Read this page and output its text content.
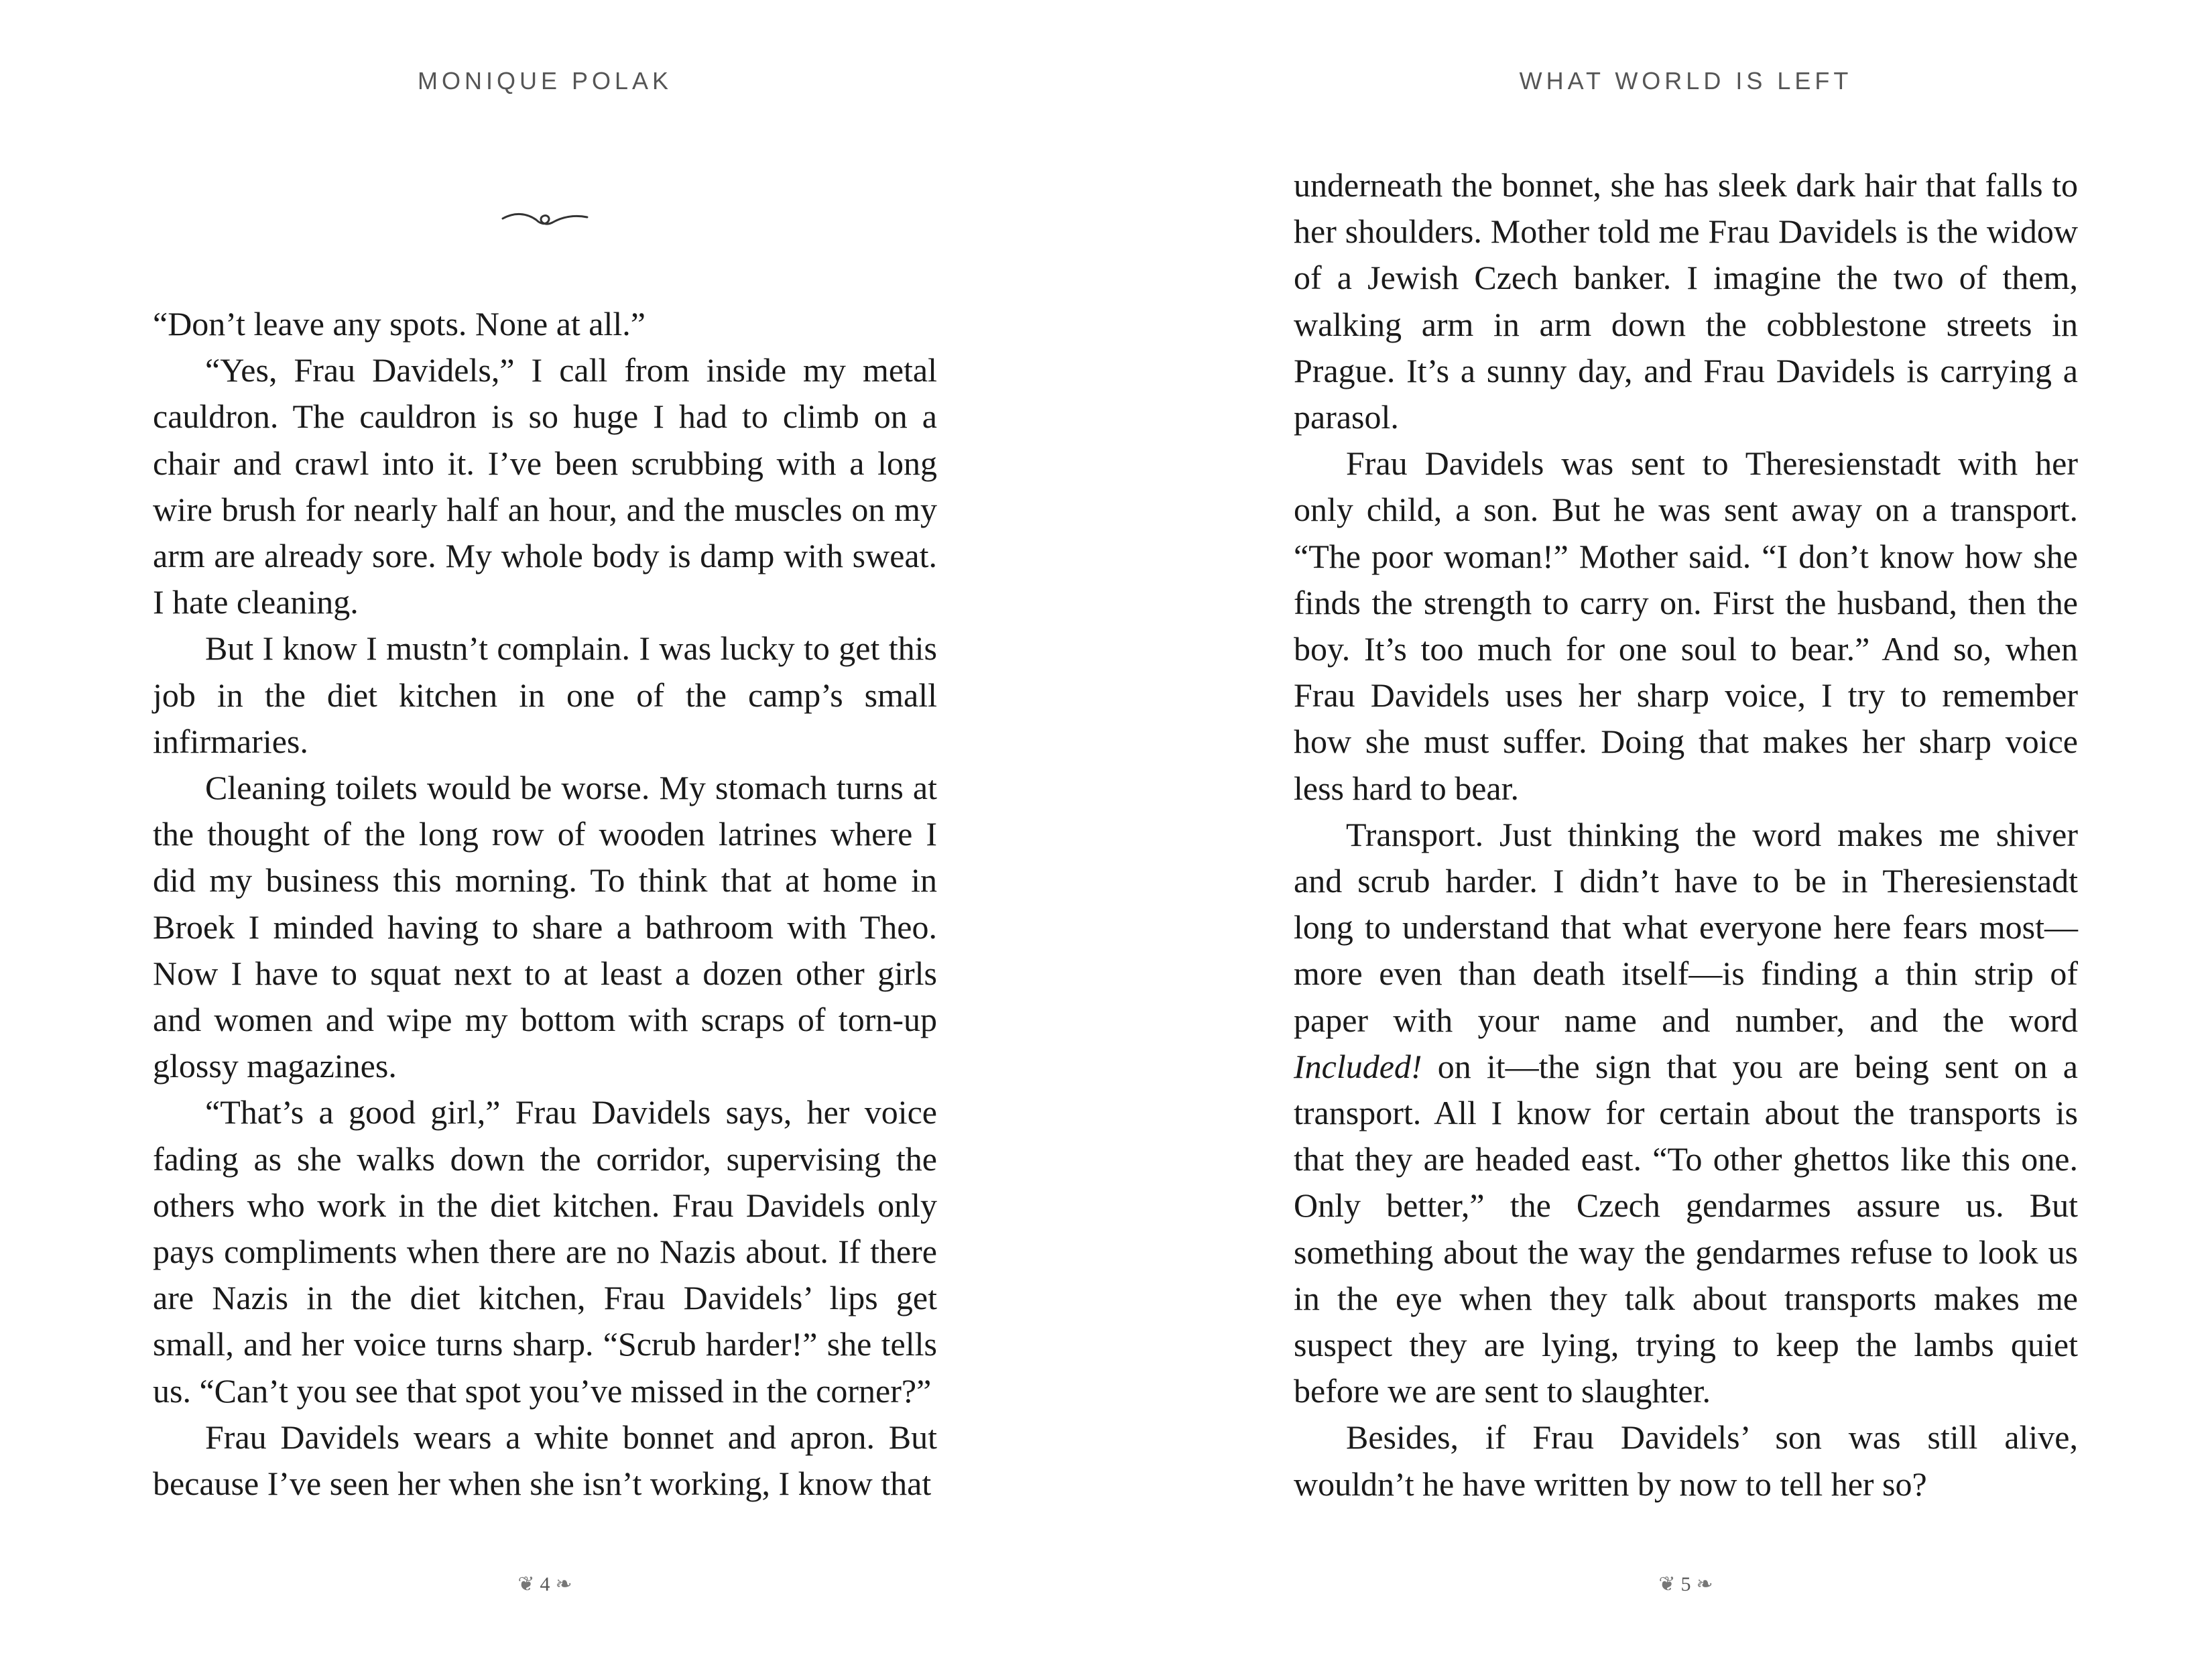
MONIQUE POLAK

“Don’t leave any spots. None at all.”

“Yes, Frau Davidels,” I call from inside my metal cauldron. The cauldron is so huge I had to climb on a chair and crawl into it. I’ve been scrubbing with a long wire brush for nearly half an hour, and the muscles on my arm are already sore. My whole body is damp with sweat. I hate cleaning.

But I know I mustn’t complain. I was lucky to get this job in the diet kitchen in one of the camp’s small infirmaries.

Cleaning toilets would be worse. My stomach turns at the thought of the long row of wooden latrines where I did my business this morning. To think that at home in Broek I minded having to share a bathroom with Theo. Now I have to squat next to at least a dozen other girls and women and wipe my bottom with scraps of torn-up glossy magazines.

“That’s a good girl,” Frau Davidels says, her voice fading as she walks down the corridor, supervising the others who work in the diet kitchen. Frau Davidels only pays compliments when there are no Nazis about. If there are Nazis in the diet kitchen, Frau Davidels’ lips get small, and her voice turns sharp. “Scrub harder!” she tells us. “Can’t you see that spot you’ve missed in the corner?”

Frau Davidels wears a white bonnet and apron. But because I’ve seen her when she isn’t working, I know that

❦ 4 ❧
WHAT WORLD IS LEFT

underneath the bonnet, she has sleek dark hair that falls to her shoulders. Mother told me Frau Davidels is the widow of a Jewish Czech banker. I imagine the two of them, walking arm in arm down the cobblestone streets in Prague. It’s a sunny day, and Frau Davidels is carrying a parasol.

Frau Davidels was sent to Theresienstadt with her only child, a son. But he was sent away on a transport. “The poor woman!” Mother said. “I don’t know how she finds the strength to carry on. First the husband, then the boy. It’s too much for one soul to bear.” And so, when Frau Davidels uses her sharp voice, I try to remember how she must suffer. Doing that makes her sharp voice less hard to bear.

Transport. Just thinking the word makes me shiver and scrub harder. I didn’t have to be in Theresienstadt long to understand that what everyone here fears most—more even than death itself—is finding a thin strip of paper with your name and number, and the word Included! on it—the sign that you are being sent on a transport. All I know for certain about the transports is that they are headed east. “To other ghettos like this one. Only better,” the Czech gendarmes assure us. But something about the way the gendarmes refuse to look us in the eye when they talk about transports makes me suspect they are lying, trying to keep the lambs quiet before we are sent to slaughter.

Besides, if Frau Davidels’ son was still alive, wouldn’t he have written by now to tell her so?

❦ 5 ❧
